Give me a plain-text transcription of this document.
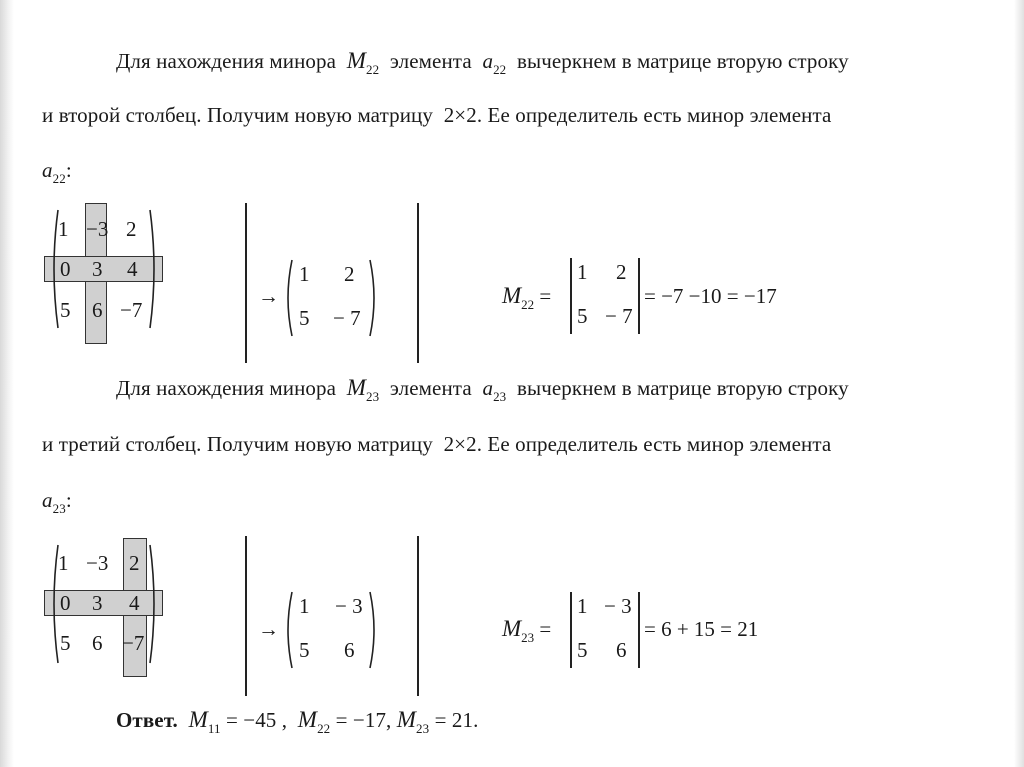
Для нахождения минора $M_{22}$ элемента $a_{22}$ вычеркнем в матрице вторую строку
и второй столбец. Получим новую матрицу 2×2. Ее определитель есть минор элемента
$a_{22}$:
1 −3 2
0 3 4
5 6 −7
→
1 2
5 − 7
$M_{22}$ =
1 2
5 − 7
= −7 −10 = −17
Для нахождения минора $M_{23}$ элемента $a_{23}$ вычеркнем в матрице вторую строку
и третий столбец. Получим новую матрицу 2×2. Ее определитель есть минор элемента
$a_{23}$:
1 −3 2
0 3 4
5 6 −7
→
1 − 3
5 6
$M_{23}$ =
1 − 3
5 6
= 6 + 15 = 21
Ответ. $M_{11} = -45$ , $M_{22} = -17$, $M_{23} = 21$.
